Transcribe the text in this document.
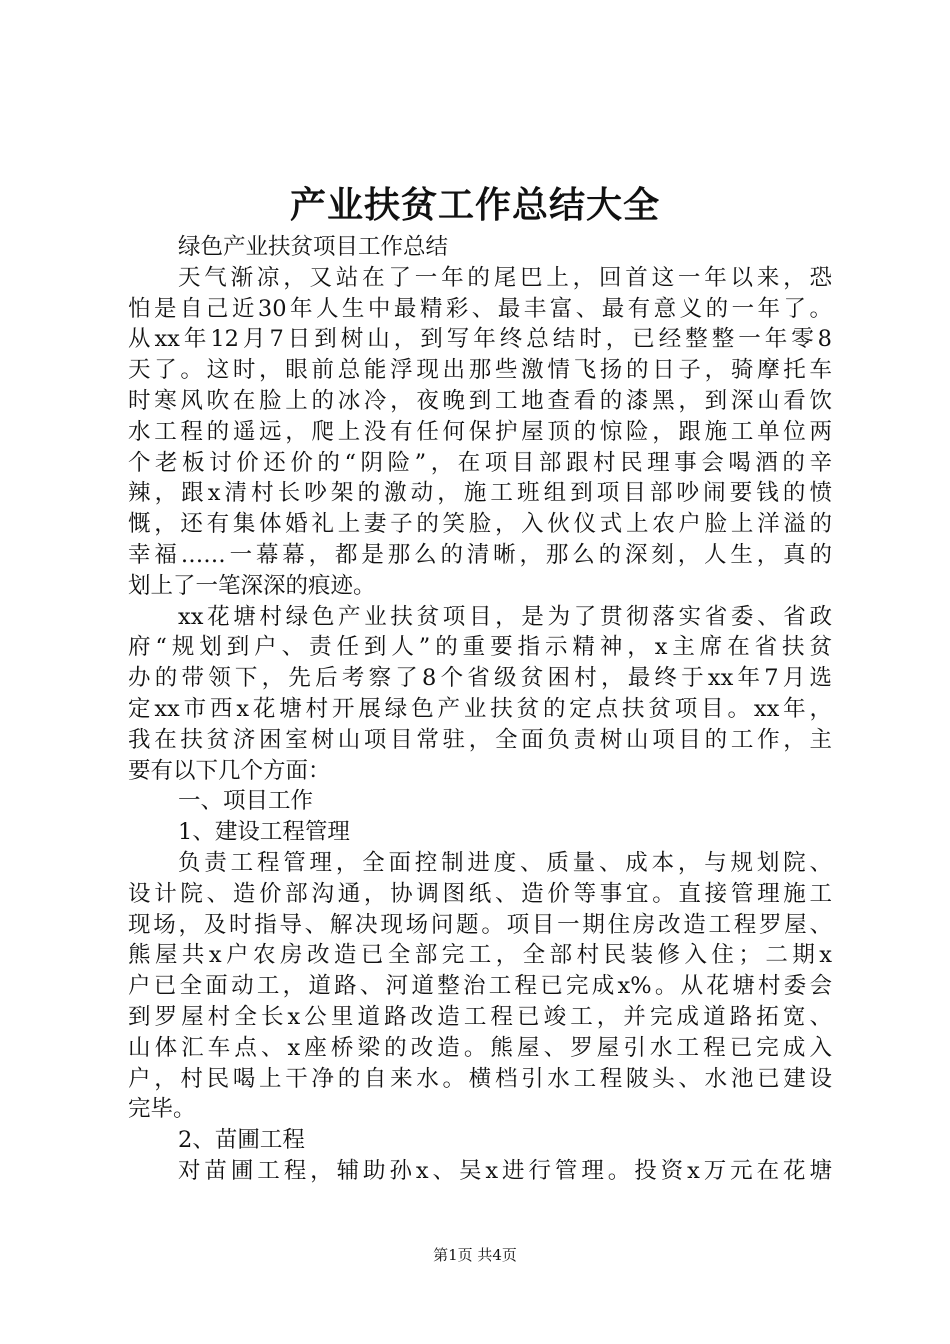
产业扶贫工作总结大全
绿色产业扶贫项目工作总结
天气渐凉，又站在了一年的尾巴上，回首这一年以来，恐
怕是自己近30年人生中最精彩、最丰富、最有意义的一年了。
从xx年12月7日到树山，到写年终总结时，已经整整一年零8
天了。这时，眼前总能浮现出那些激情飞扬的日子，骑摩托车
时寒风吹在脸上的冰冷，夜晚到工地查看的漆黑，到深山看饮
水工程的遥远，爬上没有任何保护屋顶的惊险，跟施工单位两
个老板讨价还价的“阴险”，在项目部跟村民理事会喝酒的辛
辣，跟x清村长吵架的激动，施工班组到项目部吵闹要钱的愤
慨，还有集体婚礼上妻子的笑脸，入伙仪式上农户脸上洋溢的
幸福……一幕幕，都是那么的清晰，那么的深刻，人生，真的
划上了一笔深深的痕迹。
xx花塘村绿色产业扶贫项目，是为了贯彻落实省委、省政
府“规划到户、责任到人”的重要指示精神，x主席在省扶贫
办的带领下，先后考察了8个省级贫困村，最终于xx年7月选
定xx市西x花塘村开展绿色产业扶贫的定点扶贫项目。xx年，
我在扶贫济困室树山项目常驻，全面负责树山项目的工作，主
要有以下几个方面：
一、项目工作
1、建设工程管理
负责工程管理，全面控制进度、质量、成本，与规划院、
设计院、造价部沟通，协调图纸、造价等事宜。直接管理施工
现场，及时指导、解决现场问题。项目一期住房改造工程罗屋、
熊屋共x户农房改造已全部完工，全部村民装修入住；二期x
户已全面动工，道路、河道整治工程已完成x%。从花塘村委会
到罗屋村全长x公里道路改造工程已竣工，并完成道路拓宽、
山体汇车点、x座桥梁的改造。熊屋、罗屋引水工程已完成入
户，村民喝上干净的自来水。横档引水工程陂头、水池已建设
完毕。
2、苗圃工程
对苗圃工程，辅助孙x、吴x进行管理。投资x万元在花塘
第1页 共4页
